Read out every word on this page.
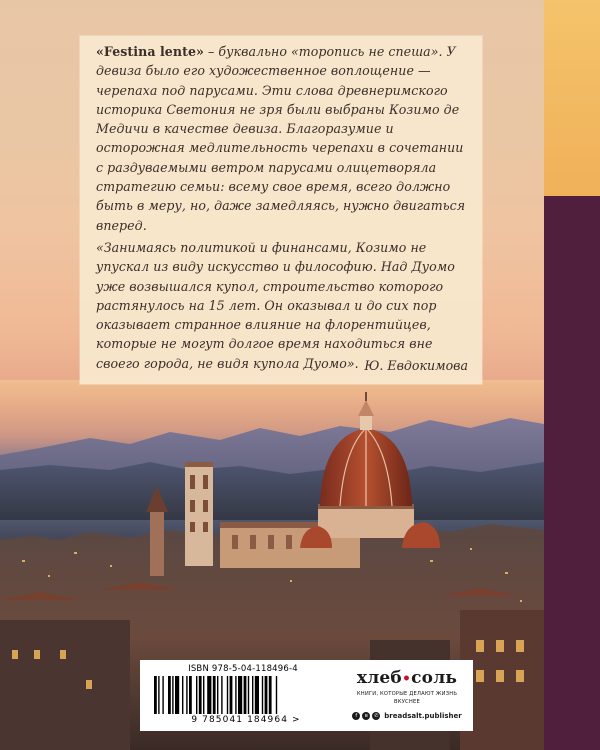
«Festina lente» – буквально «торопись не спеша». У девиза было его художественное воплощение — черепаха под парусами. Эти слова древнеримского историка Светония не зря были выбраны Козимо де Медичи в качестве девиза. Благоразумие и осторожная медлительность черепахи в сочетании с раздуваемыми ветром парусами олицетворяла стратегию семьи: всему свое время, всего должно быть в меру, но, даже замедляясь, нужно двигаться вперед.

«Занимаясь политикой и финансами, Козимо не упускал из виду искусство и философию. Над Дуомо уже возвышался купол, строительство которого растянулось на 15 лет. Он оказывал и до сих пор оказывает странное влияние на флорентийцев, которые не могут долгое время находиться вне своего города, не видя купола Дуомо». Ю. Евдокимова
ISBN 978-5-04-118496-4
9 785041 184964 >
хлеб•соль
КНИГИ, КОТОРЫЕ ДЕЛАЮТ ЖИЗНЬ ВКУСНЕЕ
f	в	✆ breadsalt.publisher
